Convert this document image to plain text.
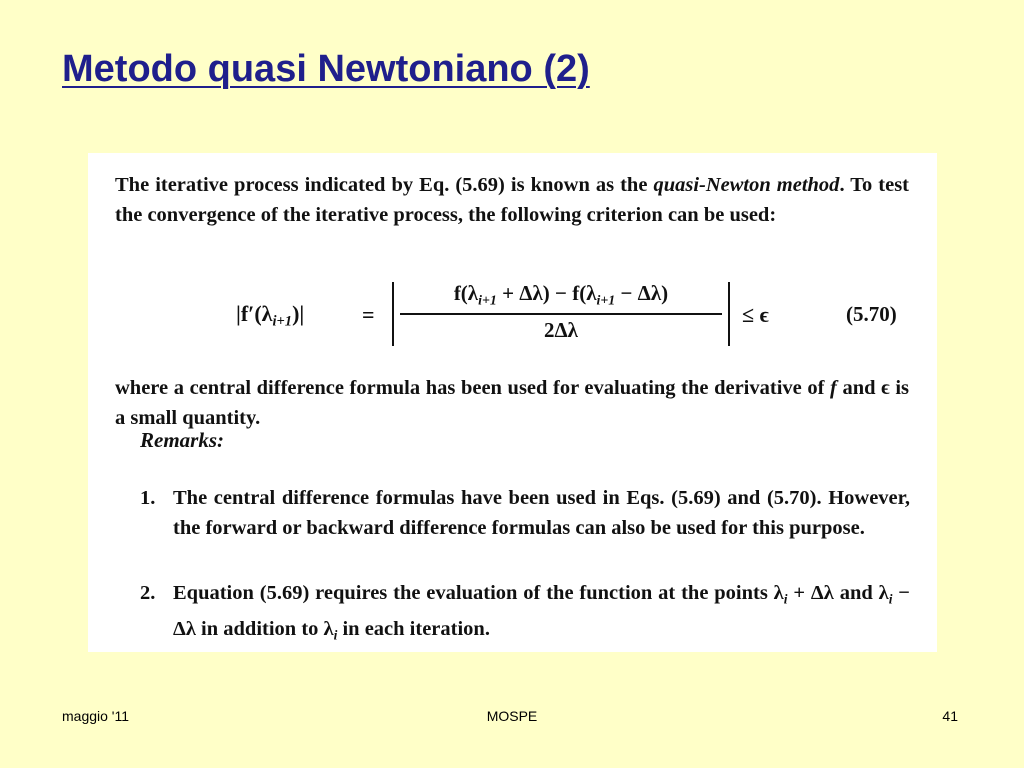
Metodo quasi Newtoniano (2)

The iterative process indicated by Eq. (5.69) is known as the quasi-Newton method. To test the convergence of the iterative process, the following criterion can be used:

$|f'(\lambda_{i+1})|$	=
$f(\lambda_{i+1} + \Delta\lambda) - f(\lambda_{i+1} - \Delta\lambda)$
2Δλ
≤ ϵ	(5.70)

where a central difference formula has been used for evaluating the derivative of f and ϵ is a small quantity.

Remarks:

1. The central difference formulas have been used in Eqs. (5.69) and (5.70). However, the forward or backward difference formulas can also be used for this purpose.

2. Equation (5.69) requires the evaluation of the function at the points $\lambda_i + \Delta\lambda$ and $\lambda_i - \Delta\lambda$ in addition to $\lambda_i$ in each iteration.

maggio '11	MOSPE	41
